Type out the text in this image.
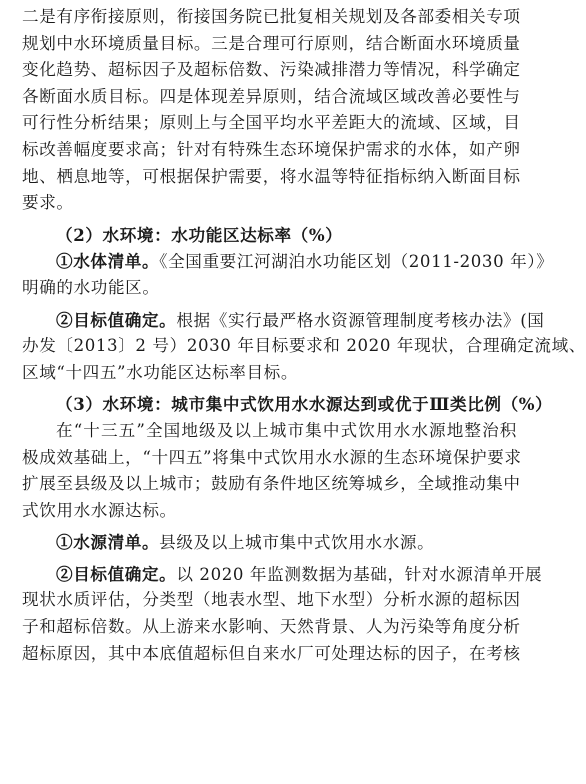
二是有序衔接原则，衔接国务院已批复相关规划及各部委相关专项
规划中水环境质量目标。三是合理可行原则，结合断面水环境质量
变化趋势、超标因子及超标倍数、污染减排潜力等情况，科学确定
各断面水质目标。四是体现差异原则，结合流域区域改善必要性与
可行性分析结果；原则上与全国平均水平差距大的流域、区域，目
标改善幅度要求高；针对有特殊生态环境保护需求的水体，如产卵
地、栖息地等，可根据保护需要，将水温等特征指标纳入断面目标
要求。
（2）水环境：水功能区达标率（%）
①水体清单。《全国重要江河湖泊水功能区划（2011-2030 年）》
明确的水功能区。
②目标值确定。根据《实行最严格水资源管理制度考核办法》(国
办发〔2013〕2 号）2030 年目标要求和 2020 年现状，合理确定流域、
区域“十四五”水功能区达标率目标。
（3）水环境：城市集中式饮用水水源达到或优于Ⅲ类比例（%）
在“十三五”全国地级及以上城市集中式饮用水水源地整治积
极成效基础上，“十四五”将集中式饮用水水源的生态环境保护要求
扩展至县级及以上城市；鼓励有条件地区统筹城乡，全域推动集中
式饮用水水源达标。
①水源清单。县级及以上城市集中式饮用水水源。
②目标值确定。以 2020 年监测数据为基础，针对水源清单开展
现状水质评估，分类型（地表水型、地下水型）分析水源的超标因
子和超标倍数。从上游来水影响、天然背景、人为污染等角度分析
超标原因，其中本底值超标但自来水厂可处理达标的因子，在考核
